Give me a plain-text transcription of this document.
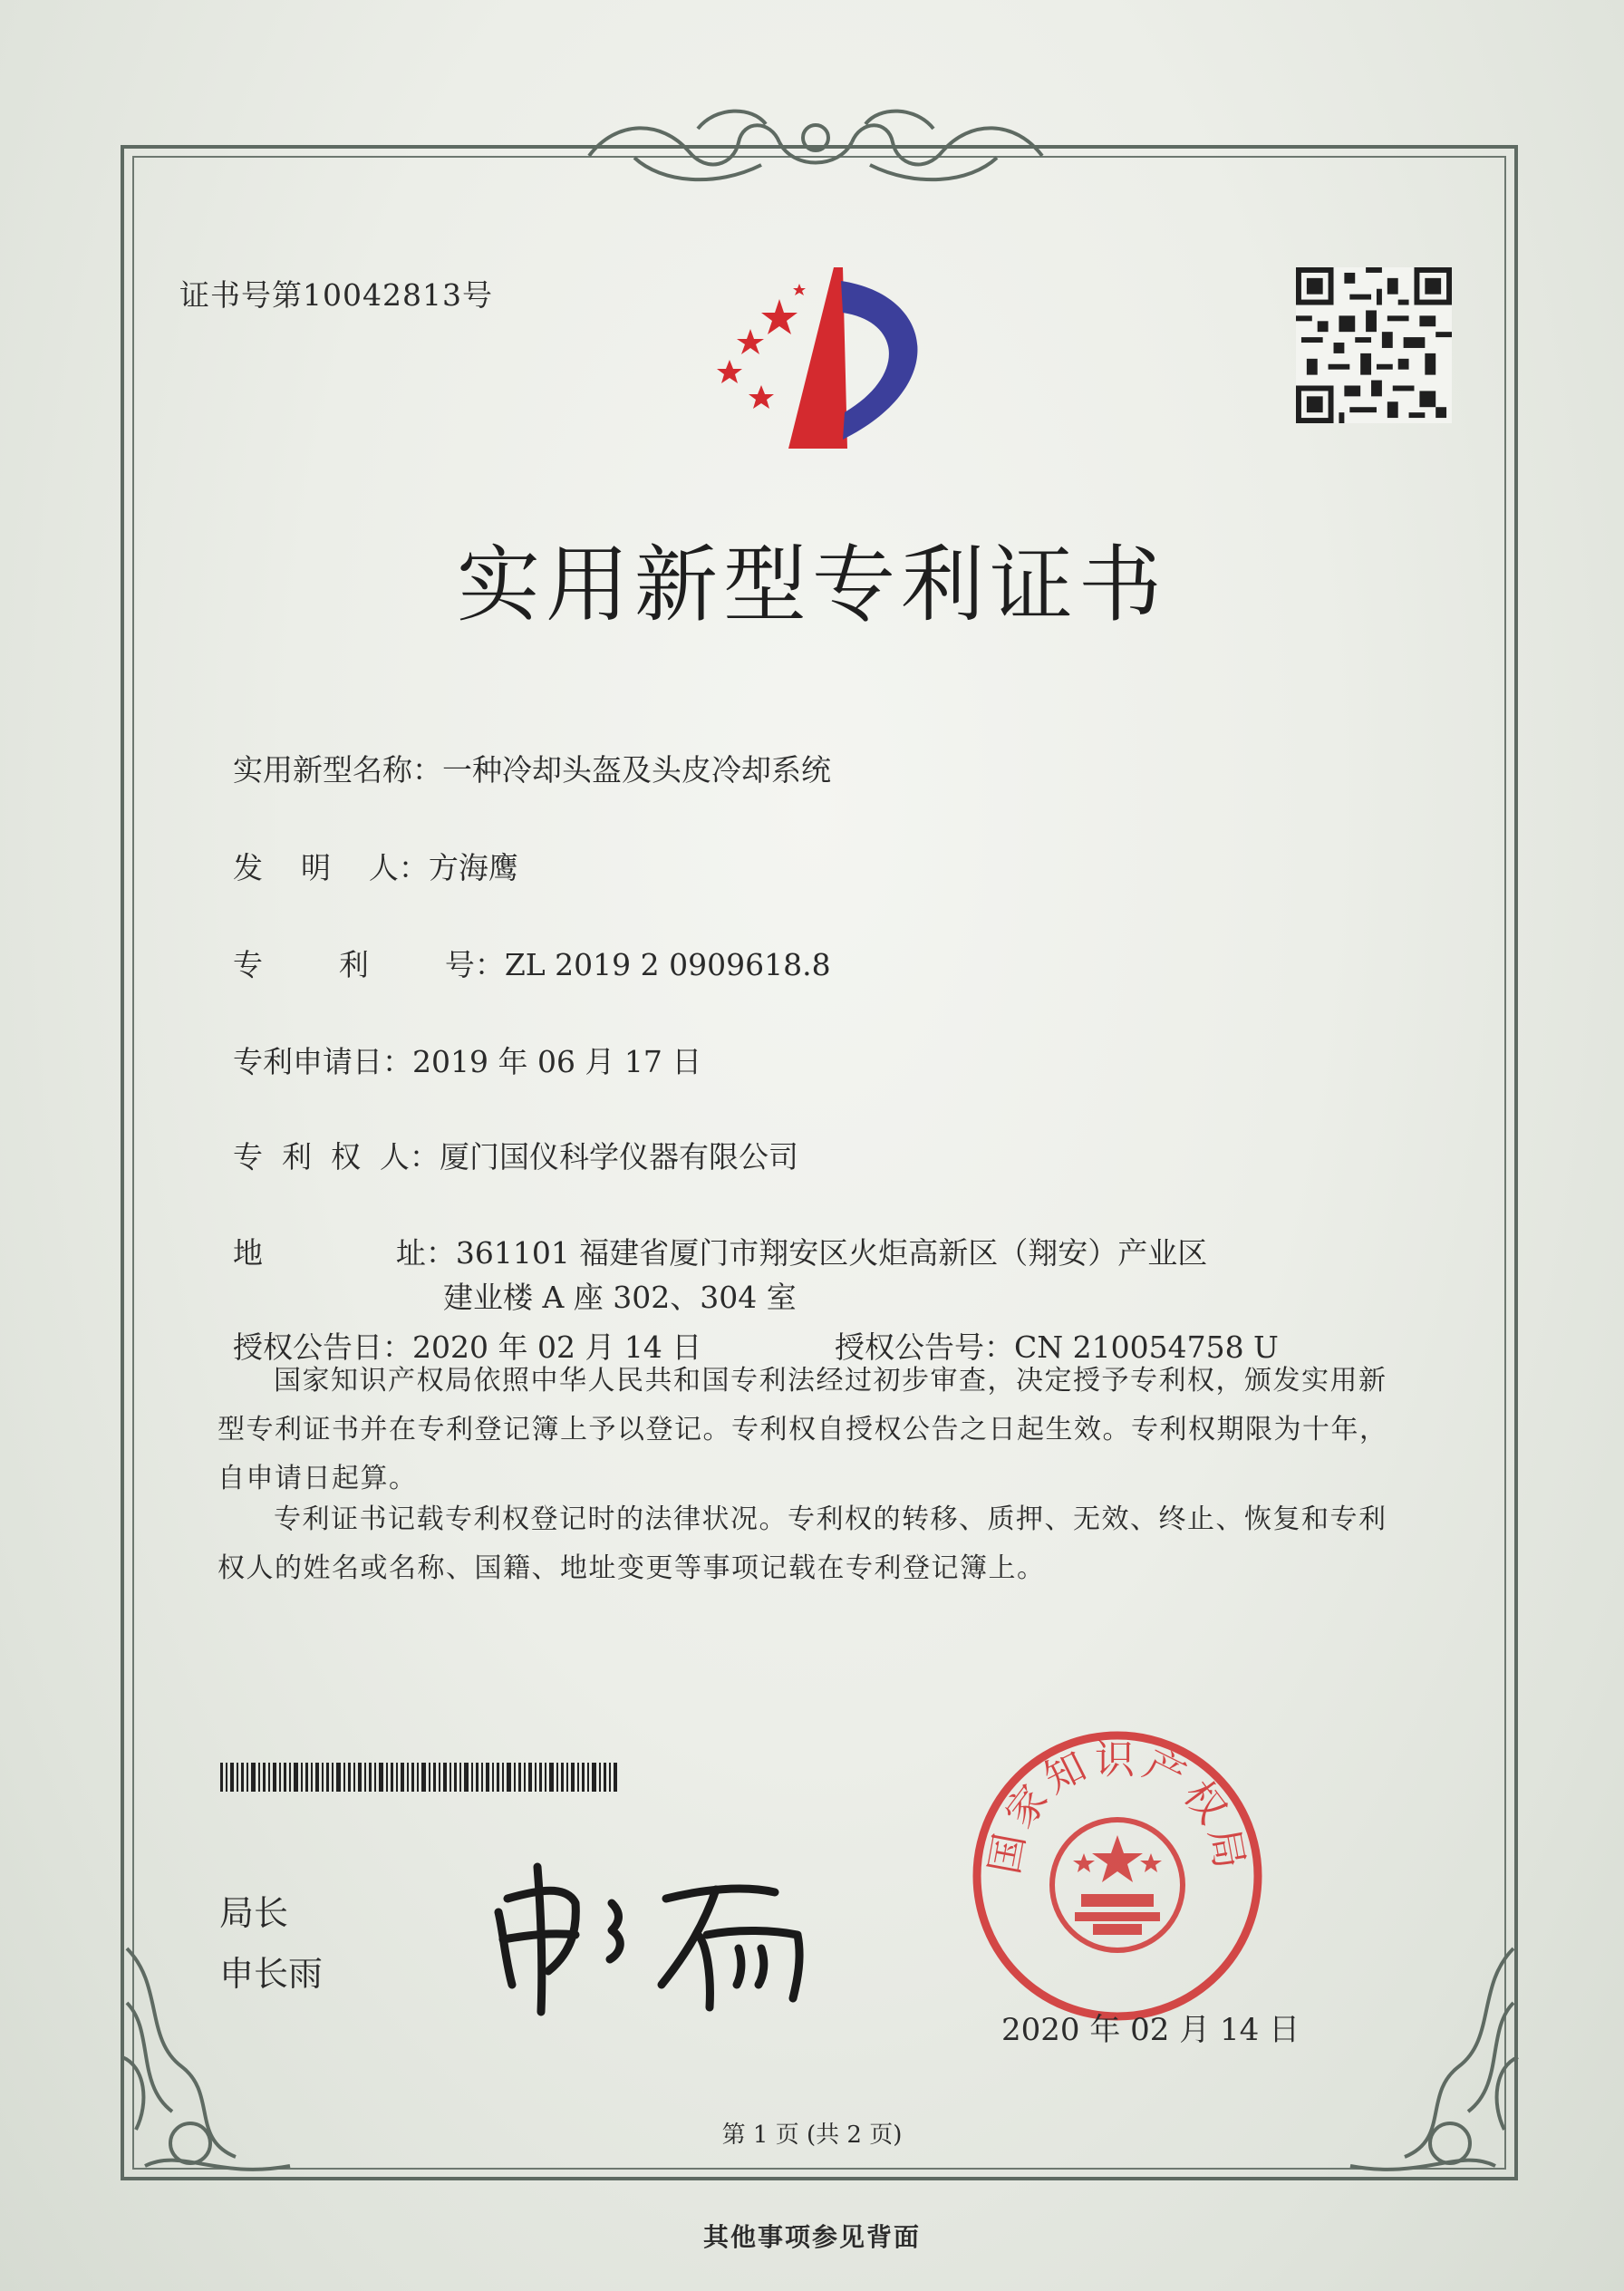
证书号第10042813号
实用新型专利证书

实用新型名称：一种冷却头盔及头皮冷却系统

发    明    人：方海鹰

专        利        号：ZL 2019 2 0909618.8

专利申请日：2019 年 06 月 17 日

专  利  权  人：厦门国仪科学仪器有限公司

地              址：361101 福建省厦门市翔安区火炬高新区（翔安）产业区

建业楼 A 座 302、304 室

授权公告日：2020 年 02 月 14 日	授权公告号：CN 210054758 U

国家知识产权局依照中华人民共和国专利法经过初步审查，决定授予专利权，颁发实用新型专利证书并在专利登记簿上予以登记。专利权自授权公告之日起生效。专利权期限为十年，自申请日起算。
专利证书记载专利权登记时的法律状况。专利权的转移、质押、无效、终止、恢复和专利权人的姓名或名称、国籍、地址变更等事项记载在专利登记簿上。
局长
申长雨
国家知识产权局
2020 年 02 月 14 日
第 1 页 (共 2 页)
其他事项参见背面
